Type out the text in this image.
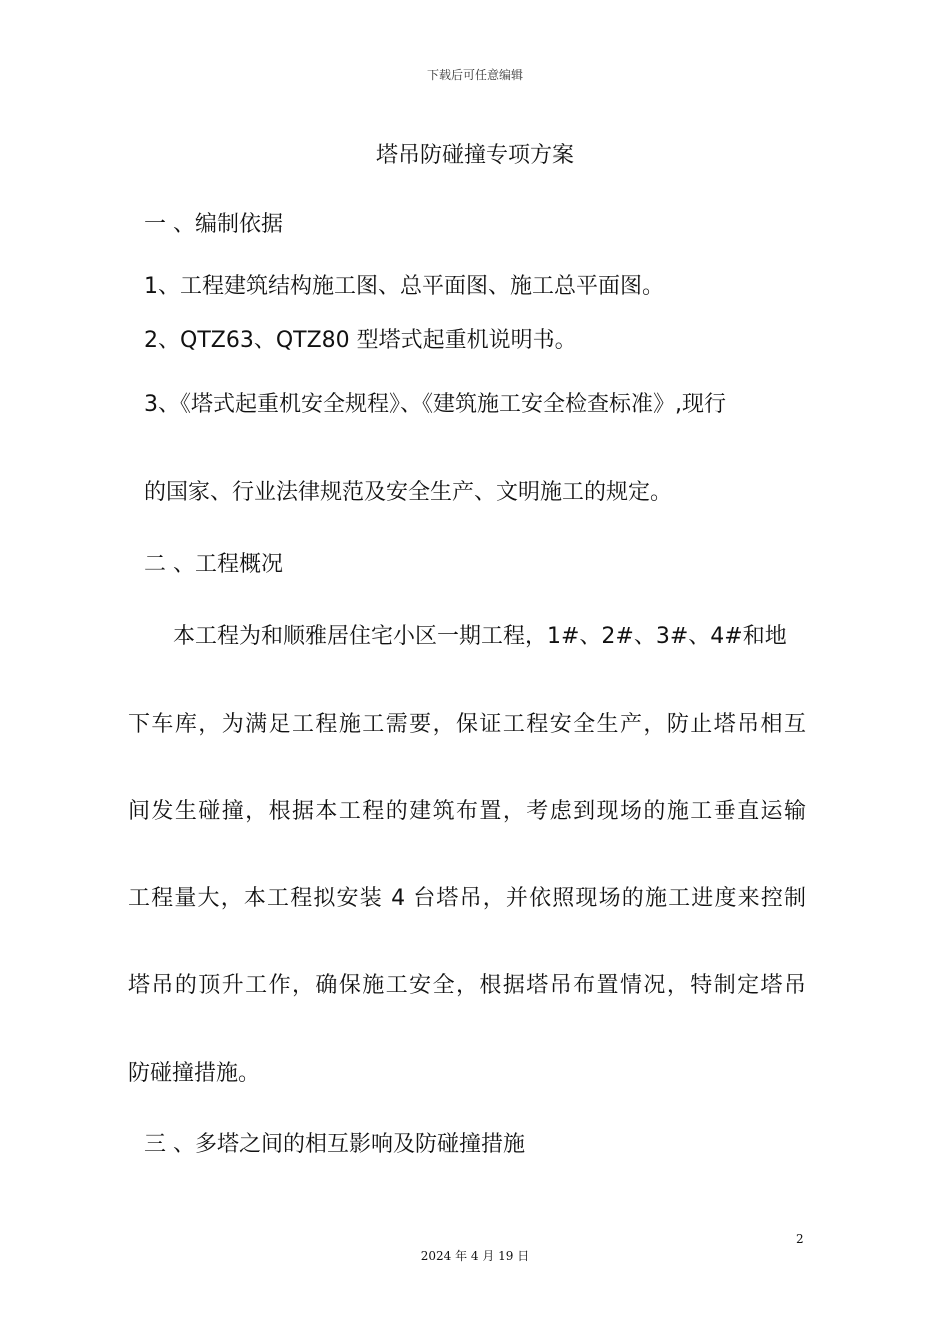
下载后可任意编辑
塔吊防碰撞专项方案
一 、编制依据
1、工程建筑结构施工图、总平面图、施工总平面图。
2、QTZ63、QTZ80 型塔式起重机说明书。
3、《塔式起重机安全规程》、《建筑施工安全检查标准》,现行
的国家、行业法律规范及安全生产、文明施工的规定。
二 、工程概况
本工程为和顺雅居住宅小区一期工程，1#、2#、3#、4#和地
下车库，为满足工程施工需要，保证工程安全生产，防止塔吊相互
间发生碰撞，根据本工程的建筑布置，考虑到现场的施工垂直运输
工程量大，本工程拟安装 4 台塔吊，并依照现场的施工进度来控制
塔吊的顶升工作，确保施工安全，根据塔吊布置情况，特制定塔吊
防碰撞措施。
三 、多塔之间的相互影响及防碰撞措施
2
2024 年 4 月 19 日
